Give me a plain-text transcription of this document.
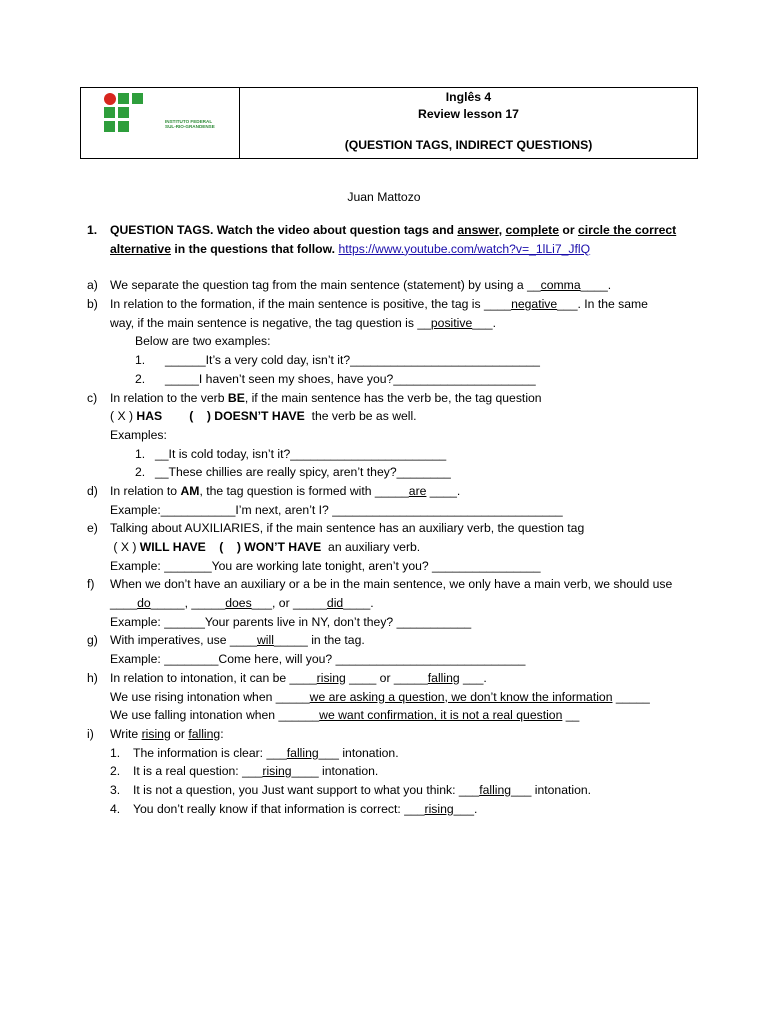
INSTITUTO FEDERAL
SUL-RIO-GRANDENSE
Inglês 4
Review lesson 17
(QUESTION TAGS, INDIRECT QUESTIONS)
Juan Mattozo
1. QUESTION TAGS. Watch the video about question tags and answer, complete or circle the correct
alternative in the questions that follow. https://www.youtube.com/watch?v=_1lLi7_JflQ
a) We separate the question tag from the main sentence (statement) by using a __comma____.
b) In relation to the formation, if the main sentence is positive, the tag is ____negative___. In the same
way, if the main sentence is negative, the tag question is __positive___.
Below are two examples:
1. ______It’s a very cold day, isn’t it?____________________________
2. _____I haven’t seen my shoes, have you?_____________________
c) In relation to the verb BE, if the main sentence has the verb be, the tag question
( X ) HAS        (    ) DOESN’T HAVE  the verb be as well.
Examples:
1. __It is cold today, isn’t it?_______________________
2. __These chillies are really spicy, aren’t they?________
d) In relation to AM, the tag question is formed with _____are ____.
Example:___________I’m next, aren’t I? __________________________________
e) Talking about AUXILIARIES, if the main sentence has an auxiliary verb, the question tag
( X ) WILL HAVE    (    ) WON’T HAVE  an auxiliary verb.
Example: _______You are working late tonight, aren’t you? ________________
f) When we don’t have an auxiliary or a be in the main sentence, we only have a main verb, we should use
____do_____, _____does___, or _____did____.
Example: ______Your parents live in NY, don’t they? ___________
g) With imperatives, use ____will_____ in the tag.
Example: ________Come here, will you? ____________________________
h) In relation to intonation, it can be ____rising ____ or _____falling ___.
We use rising intonation when _____we are asking a question, we don’t know the information _____
We use falling intonation when ______we want confirmation, it is not a real question __
i) Write rising or falling:
1. The information is clear: ___falling___ intonation.
2. It is a real question: ___rising____ intonation.
3. It is not a question, you Just want support to what you think: ___falling___ intonation.
4. You don’t really know if that information is correct: ___rising___.
